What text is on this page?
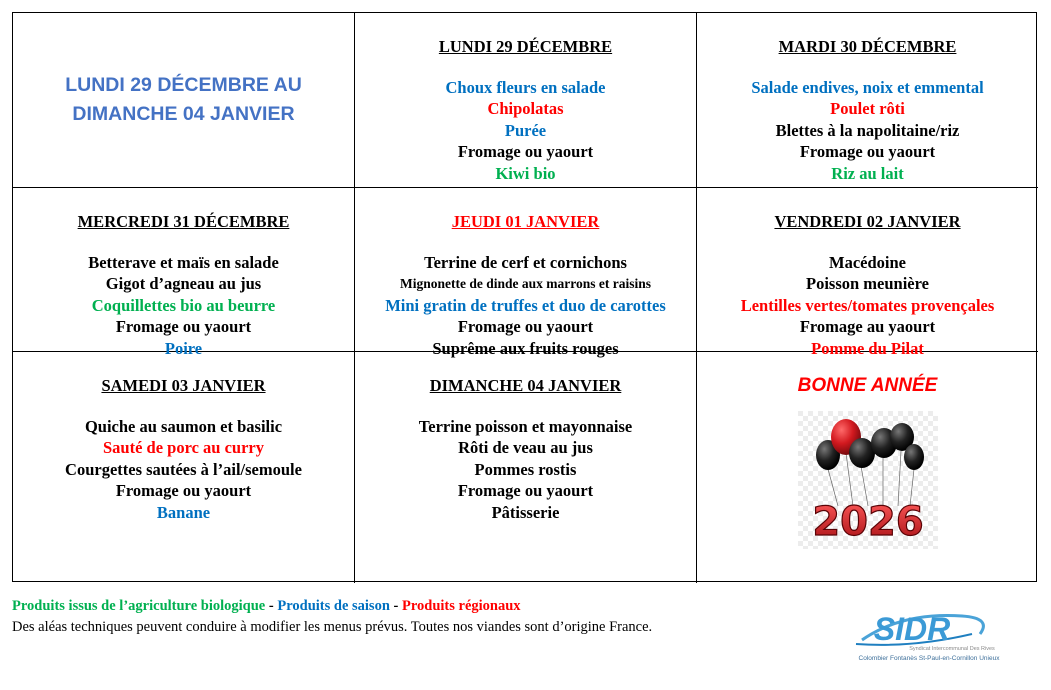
LUNDI 29 DÉCEMBRE AU
DIMANCHE 04 JANVIER
LUNDI 29 DÉCEMBRE
Choux fleurs en salade
Chipolatas
Purée
Fromage ou yaourt
Kiwi bio
MARDI 30 DÉCEMBRE
Salade endives, noix et emmental
Poulet rôti
Blettes à la napolitaine/riz
Fromage ou yaourt
Riz au lait
MERCREDI 31 DÉCEMBRE
Betterave et maïs en salade
Gigot d’agneau au jus
Coquillettes bio au beurre
Fromage ou yaourt
Poire
JEUDI 01 JANVIER
Terrine de cerf et cornichons
Mignonette de dinde aux marrons et raisins
Mini gratin de truffes et duo de carottes
Fromage ou yaourt
Suprême aux fruits rouges
VENDREDI 02 JANVIER
Macédoine
Poisson meunière
Lentilles vertes/tomates provençales
Fromage au yaourt
Pomme du Pilat
SAMEDI 03 JANVIER
Quiche au saumon et basilic
Sauté de porc au curry
Courgettes sautées à l’ail/semoule
Fromage ou yaourt
Banane
DIMANCHE 04 JANVIER
Terrine poisson et mayonnaise
Rôti de veau au jus
Pommes rostis
Fromage ou yaourt
Pâtisserie
BONNE ANNÉE
2026
Produits issus de l’agriculture biologique - Produits de saison - Produits régionaux
Des aléas techniques peuvent conduire à modifier les menus prévus. Toutes nos viandes sont d’origine France.	SIDR
Syndicat Intercommunal Des Rives
Colombier Fontanès St-Paul-en-Cornillon Unieux
